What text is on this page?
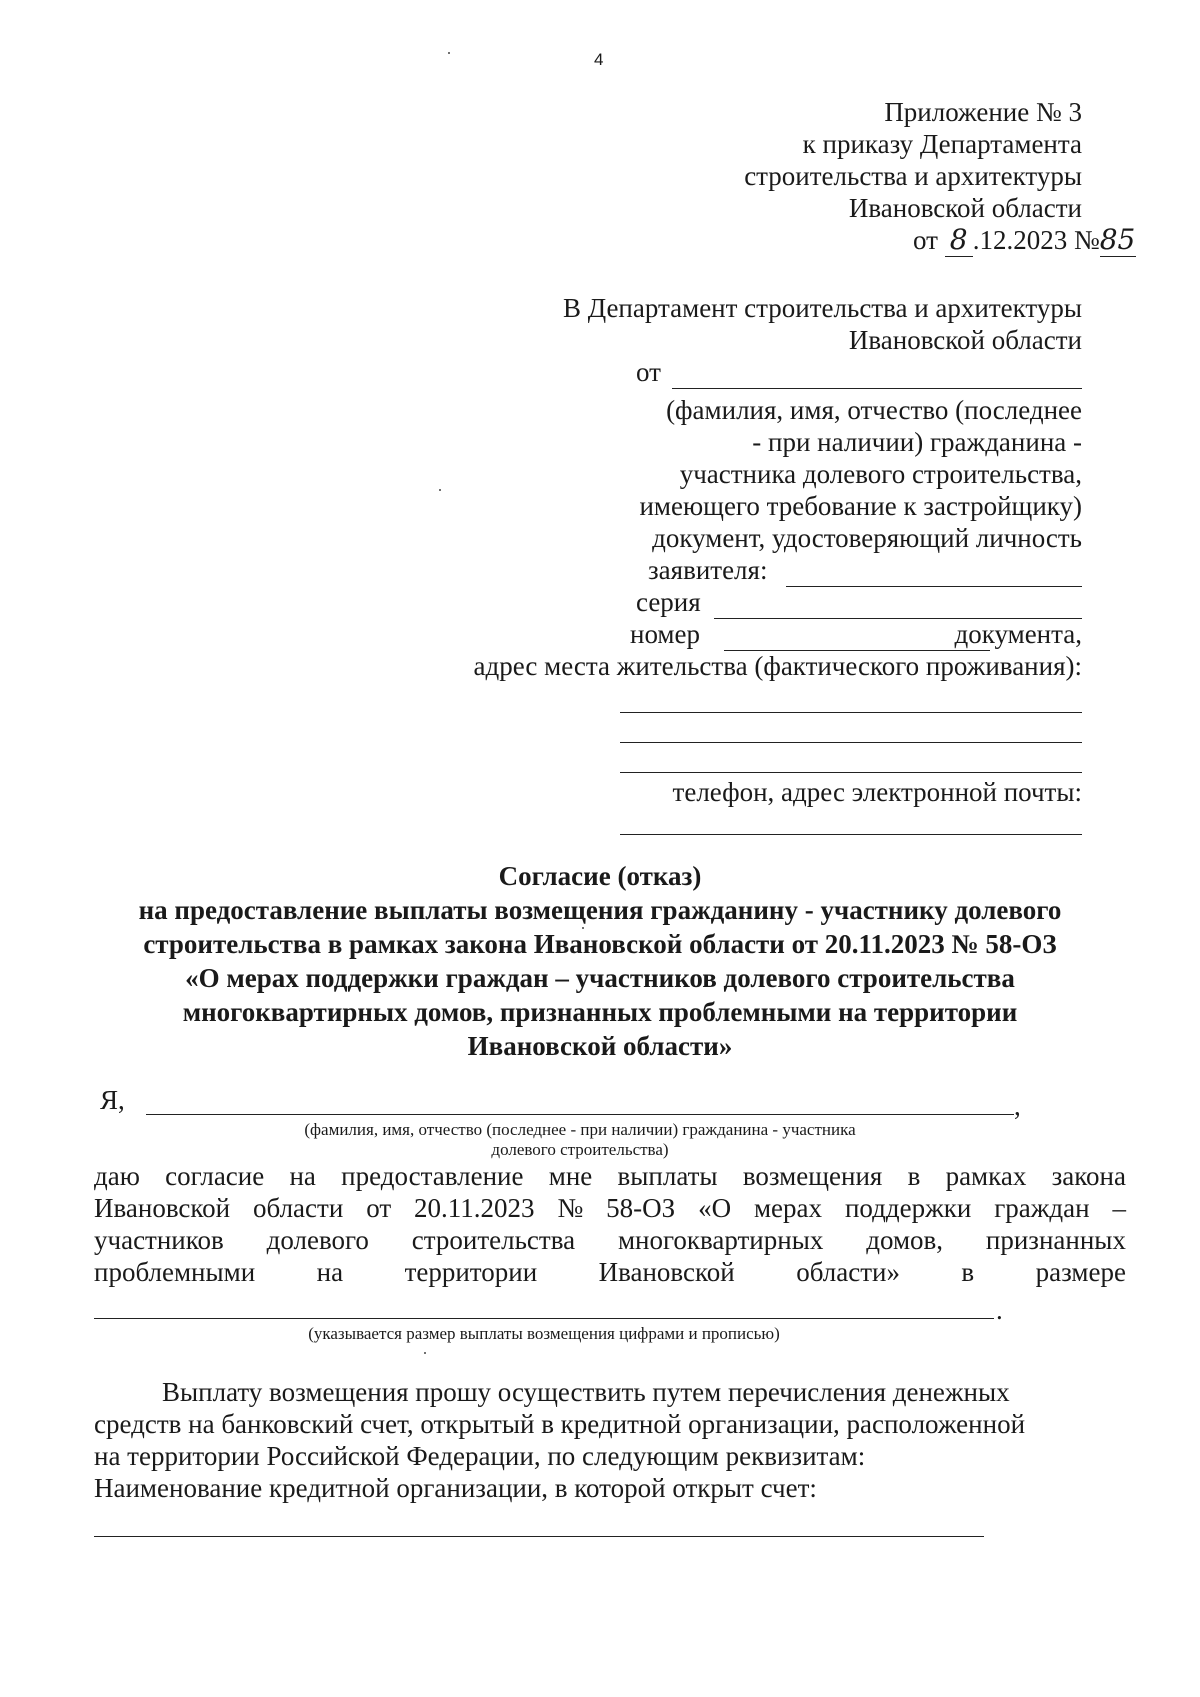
4
Приложение № 3
к приказу Департамента
строительства и архитектуры
Ивановской области
от 8 .12.2023 №85
В Департамент строительства и архитектуры
Ивановской области
от
(фамилия, имя, отчество (последнее
- при наличии) гражданина -
участника долевого строительства,
имеющего требование к застройщику)
документ, удостоверяющий личность
заявителя:
серия
номер	документа,
адрес места жительства (фактического проживания):
телефон, адрес электронной почты:
Согласие (отказ)
на предоставление выплаты возмещения гражданину - участнику долевого
строительства в рамках закона Ивановской области от 20.11.2023 № 58-ОЗ
«О мерах поддержки граждан – участников долевого строительства
многоквартирных домов, признанных проблемными на территории
Ивановской области»
Я,	,
(фамилия, имя, отчество (последнее - при наличии) гражданина - участника
долевого строительства)
даю согласие на предоставление мне выплаты возмещения в рамках закона
Ивановской области от 20.11.2023 № 58-ОЗ «О мерах поддержки граждан –
участников долевого строительства многоквартирных домов, признанных
проблемными на территории Ивановской области» в размере
.
(указывается размер выплаты возмещения цифрами и прописью)
Выплату возмещения прошу осуществить путем перечисления денежных
средств на банковский счет, открытый в кредитной организации, расположенной
на территории Российской Федерации, по следующим реквизитам:
Наименование кредитной организации, в которой открыт счет:
